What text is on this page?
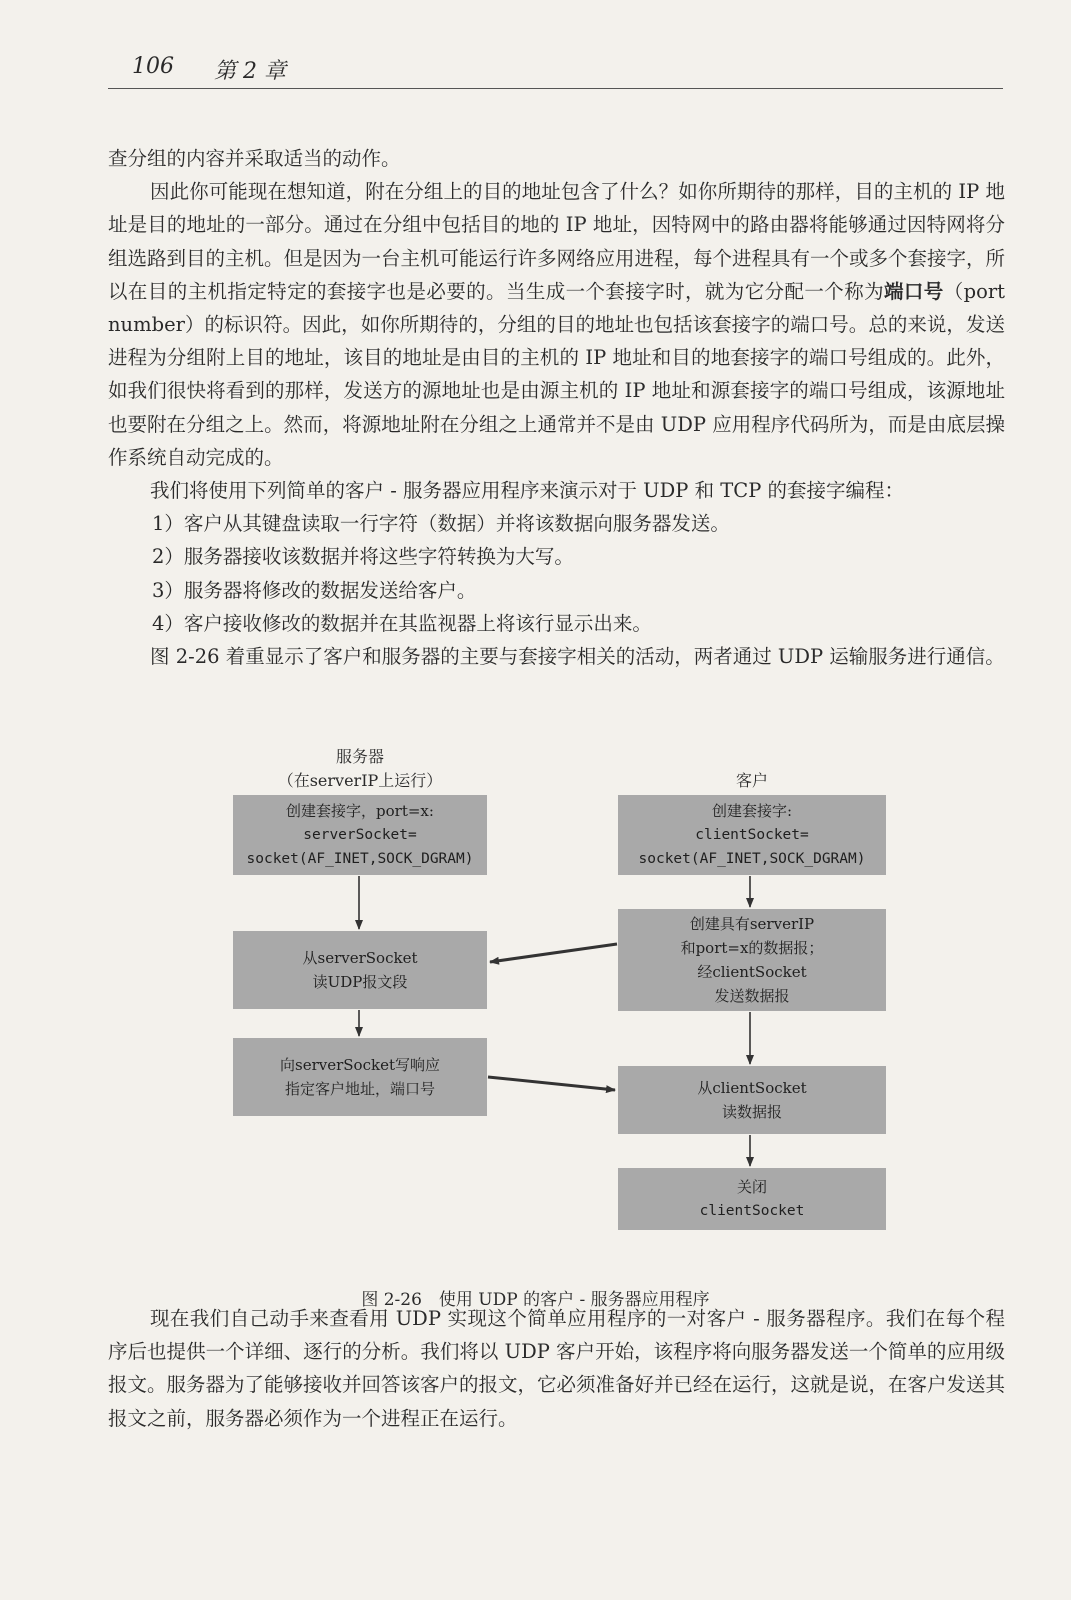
106 第 2 章

查分组的内容并采取适当的动作。

因此你可能现在想知道，附在分组上的目的地址包含了什么？如你所期待的那样，目的主机的 IP 地址是目的地址的一部分。通过在分组中包括目的地的 IP 地址，因特网中的路由器将能够通过因特网将分组选路到目的主机。但是因为一台主机可能运行许多网络应用进程，每个进程具有一个或多个套接字，所以在目的主机指定特定的套接字也是必要的。当生成一个套接字时，就为它分配一个称为端口号（port number）的标识符。因此，如你所期待的，分组的目的地址也包括该套接字的端口号。总的来说，发送进程为分组附上目的地址，该目的地址是由目的主机的 IP 地址和目的地套接字的端口号组成的。此外，如我们很快将看到的那样，发送方的源地址也是由源主机的 IP 地址和源套接字的端口号组成，该源地址也要附在分组之上。然而，将源地址附在分组之上通常并不是由 UDP 应用程序代码所为，而是由底层操作系统自动完成的。

我们将使用下列简单的客户 - 服务器应用程序来演示对于 UDP 和 TCP 的套接字编程：

1）客户从其键盘读取一行字符（数据）并将该数据向服务器发送。

2）服务器接收该数据并将这些字符转换为大写。

3）服务器将修改的数据发送给客户。

4）客户接收修改的数据并在其监视器上将该行显示出来。

图 2-26 着重显示了客户和服务器的主要与套接字相关的活动，两者通过 UDP 运输服务进行通信。

服务器
（在serverIP上运行）	客户
创建套接字，port=x:
serverSocket=
socket(AF_INET,SOCK_DGRAM)
从serverSocket
读UDP报文段
向serverSocket写响应
指定客户地址，端口号
创建套接字:
clientSocket=
socket(AF_INET,SOCK_DGRAM)
创建具有serverIP
和port=x的数据报；
经clientSocket
发送数据报
从clientSocket
读数据报
关闭
clientSocket
图 2-26　使用 UDP 的客户 - 服务器应用程序

现在我们自己动手来查看用 UDP 实现这个简单应用程序的一对客户 - 服务器程序。我们在每个程序后也提供一个详细、逐行的分析。我们将以 UDP 客户开始，该程序将向服务器发送一个简单的应用级报文。服务器为了能够接收并回答该客户的报文，它必须准备好并已经在运行，这就是说，在客户发送其报文之前，服务器必须作为一个进程正在运行。
